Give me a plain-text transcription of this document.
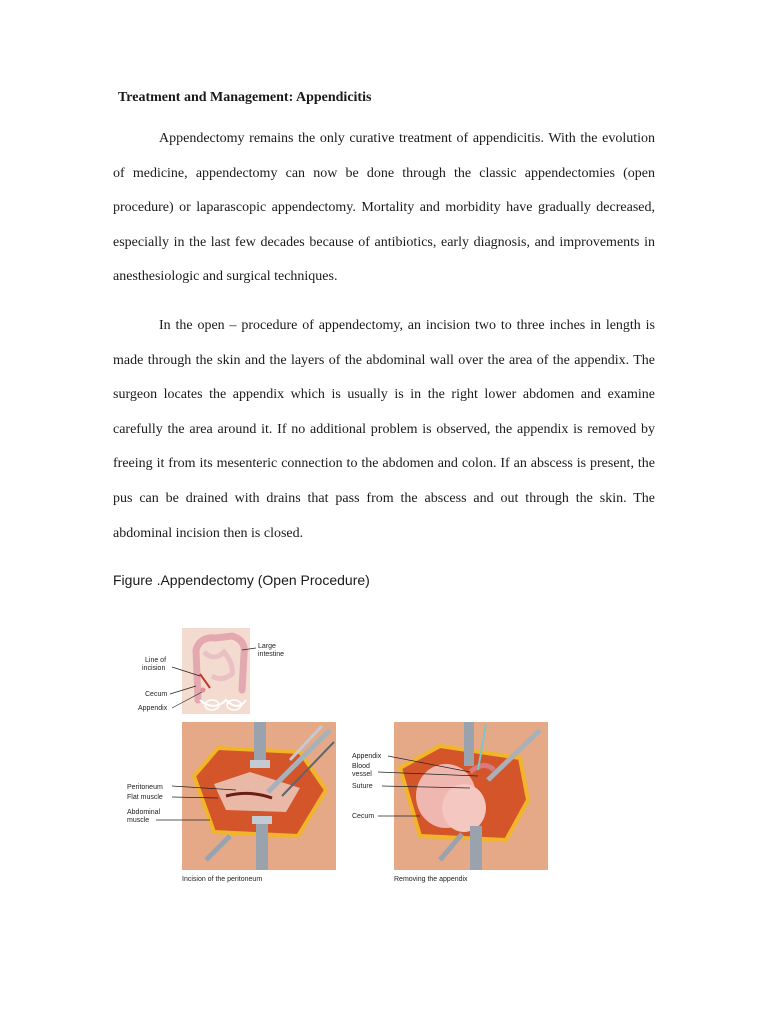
Treatment and Management: Appendicitis

Appendectomy remains the only curative treatment of appendicitis. With the evolution of medicine, appendectomy can now be done through the classic appendectomies (open procedure) or laparascopic appendectomy. Mortality and morbidity have gradually decreased, especially in the last few decades because of antibiotics, early diagnosis, and improvements in anesthesiologic and surgical techniques.

In the open – procedure of appendectomy, an incision two to three inches in length is made through the skin and the layers of the abdominal wall over the area of the appendix. The surgeon locates the appendix which is usually is in the right lower abdomen and examine carefully the area around it. If no additional problem is observed, the appendix is removed by freeing it from its mesenteric connection to the abdomen and colon. If an abscess is present, the pus can be drained with drains that pass from the abscess and out through the skin. The abdominal incision then is closed.

Figure .Appendectomy (Open Procedure)
Line of
incision
Large
intestine
Cecum
Appendix
Peritoneum
Flat muscle
Abdominal
muscle
Incision of the peritoneum
Appendix
Blood
vessel
Suture
Cecum
Removing the appendix
